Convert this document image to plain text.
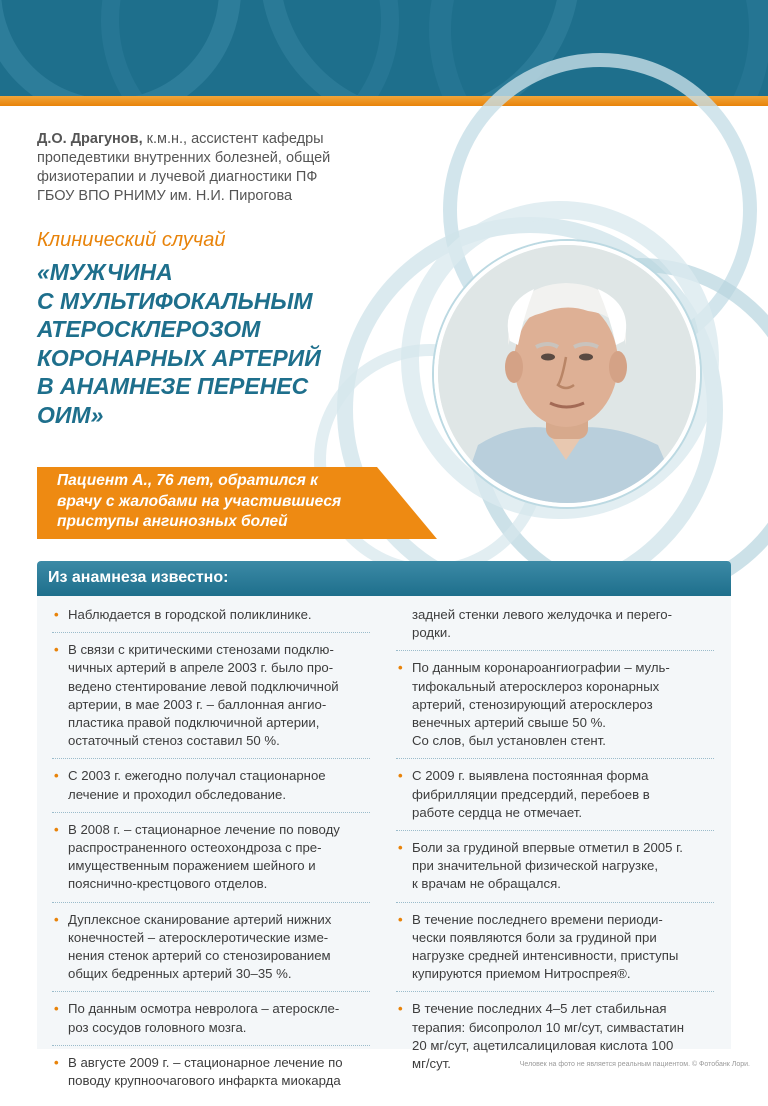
Д.О. Драгунов, к.м.н., ассистент кафедры
пропедевтики внутренних болезней, общей
физиотерапии и лучевой диагностики ПФ
ГБОУ ВПО РНИМУ им. Н.И. Пирогова
Клинический случай
«МУЖЧИНА
С МУЛЬТИФОКАЛЬНЫМ
АТЕРОСКЛЕРОЗОМ
КОРОНАРНЫХ АРТЕРИЙ
В АНАМНЕЗЕ ПЕРЕНЕС
ОИМ»
Пациент А., 76 лет, обратился к
врачу с жалобами на участившиеся
приступы ангинозных болей
Из анамнеза известно:
• Наблюдается в городской поликлинике.
• В связи с критическими стенозами подклю-
чичных артерий в апреле 2003 г. было про-
ведено стентирование левой подключичной
артерии, в мае 2003 г. – баллонная ангио-
пластика правой подключичной артерии,
остаточный стеноз составил 50 %.
• С 2003 г. ежегодно получал стационарное
лечение и проходил обследование.
• В 2008 г. – стационарное лечение по поводу
распространенного остеохондроза с пре-
имущественным поражением шейного и
пояснично-крестцового отделов.
• Дуплексное сканирование артерий нижних
конечностей – атеросклеротические изме-
нения стенок артерий со стенозированием
общих бедренных артерий 30–35 %.
• По данным осмотра невролога – атероскле-
роз сосудов головного мозга.
• В августе 2009 г. – стационарное лечение по
поводу крупноочагового инфаркта миокарда
задней стенки левого желудочка и перего-
родки.
• По данным коронароангиографии – муль-
тифокальный атеросклероз коронарных
артерий, стенозирующий атеросклероз
венечных артерий свыше 50 %.
Со слов, был установлен стент.
• С 2009 г. выявлена постоянная форма
фибрилляции предсердий, перебоев в
работе сердца не отмечает.
• Боли за грудиной впервые отметил в 2005 г.
при значительной физической нагрузке,
к врачам не обращался.
• В течение последнего времени периоди-
чески появляются боли за грудиной при
нагрузке средней интенсивности, приступы
купируются приемом Нитроспрея®.
• В течение последних 4–5 лет стабильная
терапия: бисопролол 10 мг/сут, симвастатин
20 мг/сут, ацетилсалициловая кислота 100
мг/сут.	Человек на фото не является реальным пациентом. © Фотобанк Лори.
